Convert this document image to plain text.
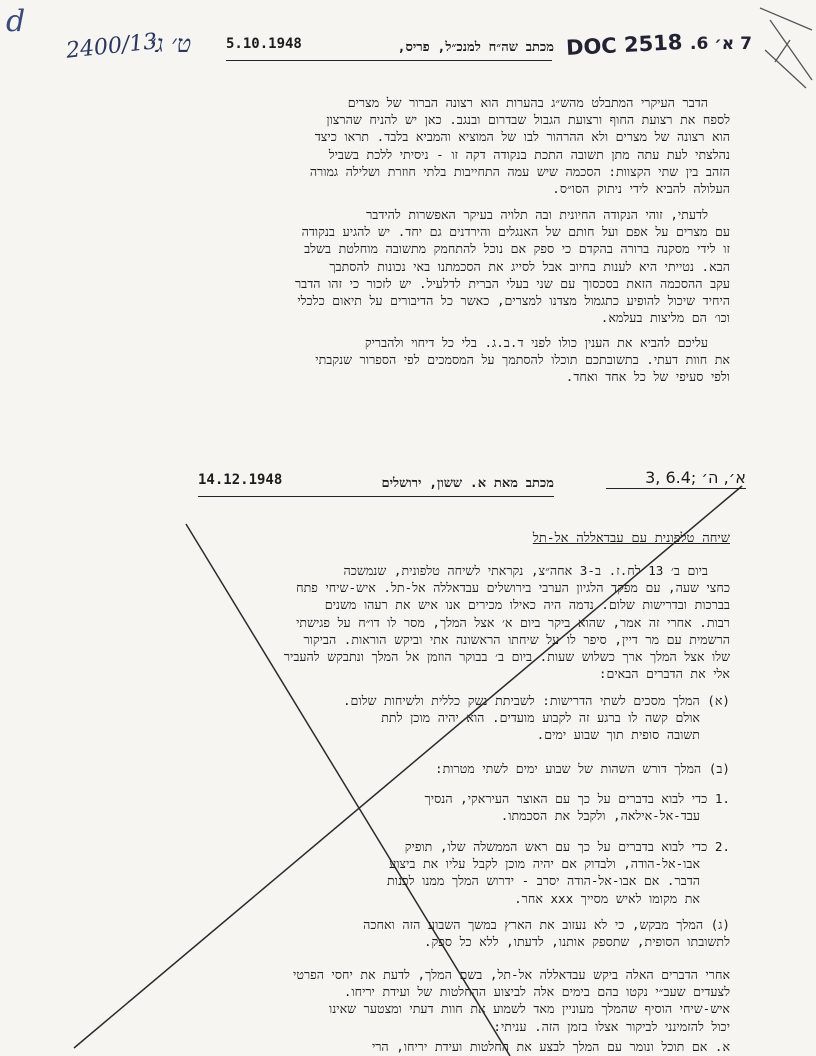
d
2400/13
ט׳ ג׳	DOC 2518 7 א׳ 6.
5.10.1948	מכתב שה״ח למנכ״ל, פריס,
הדבר העיקרי המתבלט מהש״ג בהערות הוא רצונה הברור של מצרים
לספח את רצועת החוף ורצועת הגבול שבדרום ובנגב. כאן יש להניח שהרצון
הוא רצונה של מצרים ולא ההרהור לבו של המוציא והמביא בלבד. תראו כיצד
נהלצתי לעת עתה מתן תשובה התכת בנקודה דקה זו - ניסיתי ללכת בשביל
הזהב בין שתי הקצוות: הסכמה שיש עמה התחייבות בלתי חוזרת ושלילה גמורה
העלולה להביא לידי ניתוק הסו״ס.
לדעתי, זוהי הנקודה החיונית ובה תלויה בעיקר האפשרות להידבר
עם מצרים על אפם ועל חותם של האנגלים והירדנים גם יחד. יש להגיע בנקודה
זו לידי מסקנה ברורה בהקדם כי ספק אם נוכל להתחמק מתשובה מוחלטת בשלב
הבא. נטייתי היא לענות בחיוב אבל לסייג את הסכמתנו באי נכונות להסתבך
עקב ההסכמה הזאת בסכסוך עם שני בעלי הברית לדלעיל. יש לזכור כי זהו הדבר
היחיד שיכול להופיע כתגמול מצדנו למצרים, כאשר כל הדיבורים על תיאום כלכלי
וכו׳ הם מליצות בעלמא.
עליכם להביא את הענין כולו לפני ד.ב.ג. בלי כל דיחוי ולהבריק
את חוות דעתי. בתשובתכם תוכלו להסתמך על המסמכים לפי הספרור שנקבתי
ולפי סעיפי של כל אחד ואחד.
א׳, ה׳ ;6.4 ,3
14.12.1948	מכתב מאת א. ששון, ירושלים
שיחה טלפונית עם עבדאללה אל-תל
ביום ב׳ 13 לח.ז. ב-3 אחה״צ, נקראתי לשיחה טלפונית, שנמשכה
כחצי שעה, עם מפקד הלגיון הערבי בירושלים עבדאללה אל-תל. איש-שיחי פתח
בברכות ובדרישות שלום. נדמה היה כאילו מכירים אנו איש את רעהו משנים
רבות. אחרי זה אמר, שהוא ביקר ביום א׳ אצל המלך, מסר לו דו״ח על פגישתי
הרשמית עם מר דיין, סיפר לו על שיחתו הראשונה אתי וביקש הוראות. הביקור
שלו אצל המלך ארך כשלוש שעות. ביום ב׳ בבוקר הוזמן אל המלך ונתבקש להעביר
אלי את הדברים הבאים:
(א) המלך מסכים לשתי הדרישות: לשביתת נשק כללית ולשיחות שלום.
אולם קשה לו ברגע זה לקבוע מועדים. הוא יהיה מוכן לתת
תשובה סופית תוך שבוע ימים.
(ב) המלך דורש השהות של שבוע ימים לשתי מטרות:
.1 כדי לבוא בדברים על כך עם האוצר העיראקי, הנסיך
עבד-אל-אילאה, ולקבל את הסכמתו.
.2 כדי לבוא בדברים על כך עם ראש הממשלה שלו, תופיק
אבו-אל-הודה, ולבדוק אם יהיה מוכן לקבל עליו את ביצוע
הדבר. אם אבו-אל-הודה יסרב - ידרוש המלך ממנו לפנות
את מקומו לאיש מסייך xxx אחר.
(ג) המלך מבקש, כי לא נעזוב את הארץ במשך השבוע הזה ואחכה
לתשובתו הסופית, שתספק אותנו, לדעתו, ללא כל ספק.
אחרי הדברים האלה ביקש עבדאללה אל-תל, בשם המלך, לדעת את יחסי הפרטי
לצעדים שעב״י נקטו בהם בימים אלה לביצוע ההחלטות של ועידת יריחו.
איש-שיחי הוסיף שהמלך מעוניין מאד לשמוע את חוות דעתי ומצטער שאינו
יכול להזמינני לביקור אצלו בזמן הזה. עניתי:
א. אם תוכל ונומר עם המלך לבצע את החלטות ועידת יריחו, הרי
